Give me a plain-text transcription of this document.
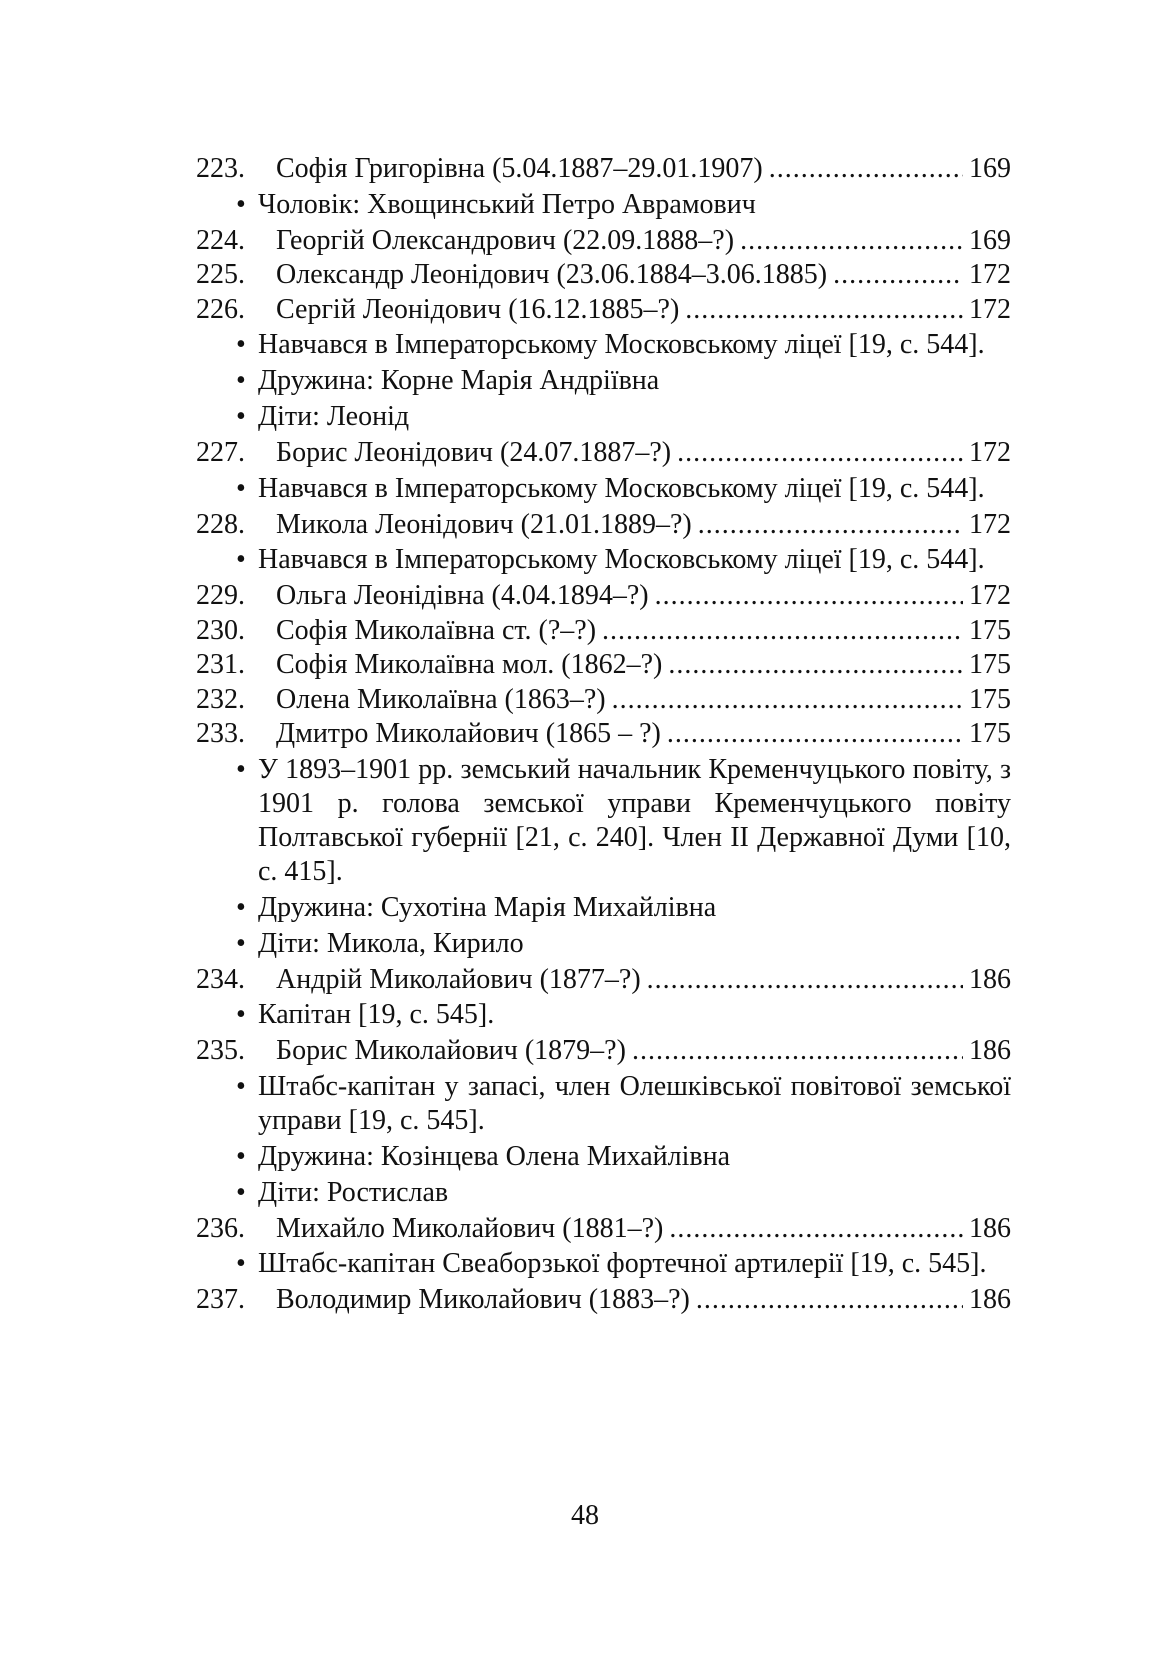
223.	Софія Григорівна (5.04.1887–29.01.1907) .....	169
• Чоловік: Хвощинський Петро Аврамович
224.	Георгій Олександрович (22.09.1888–?) .....	169
225.	Олександр Леонідович (23.06.1884–3.06.1885) .....	172
226.	Сергій Леонідович (16.12.1885–?) .....	172
• Навчався в Імператорському Московському ліцеї [19, с. 544].
• Дружина: Корне Марія Андріївна
• Діти: Леонід
227.	Борис Леонідович (24.07.1887–?) .....	172
• Навчався в Імператорському Московському ліцеї [19, с. 544].
228.	Микола Леонідович (21.01.1889–?) .....	172
• Навчався в Імператорському Московському ліцеї [19, с. 544].
229.	Ольга Леонідівна (4.04.1894–?) .....	172
230.	Софія Миколаївна ст. (?–?) .....	175
231.	Софія Миколаївна мол. (1862–?) .....	175
232.	Олена Миколаївна (1863–?) .....	175
233.	Дмитро Миколайович (1865 – ?) .....	175
• У 1893–1901 рр. земський начальник Кременчуцького повіту, з 1901 р. голова земської управи Кременчуцького повіту Полтавської губернії [21, с. 240]. Член II Державної Думи [10, с. 415].
• Дружина: Сухотіна Марія Михайлівна
• Діти: Микола, Кирило
234.	Андрій Миколайович (1877–?) .....	186
• Капітан [19, с. 545].
235.	Борис Миколайович (1879–?) .....	186
• Штабс-капітан у запасі, член Олешківської повітової земської управи [19, с. 545].
• Дружина: Козінцева Олена Михайлівна
• Діти: Ростислав
236.	Михайло Миколайович (1881–?) .....	186
• Штабс-капітан Свеаборзької фортечної артилерії [19, с. 545].
237.	Володимир Миколайович (1883–?) .....	186
48
